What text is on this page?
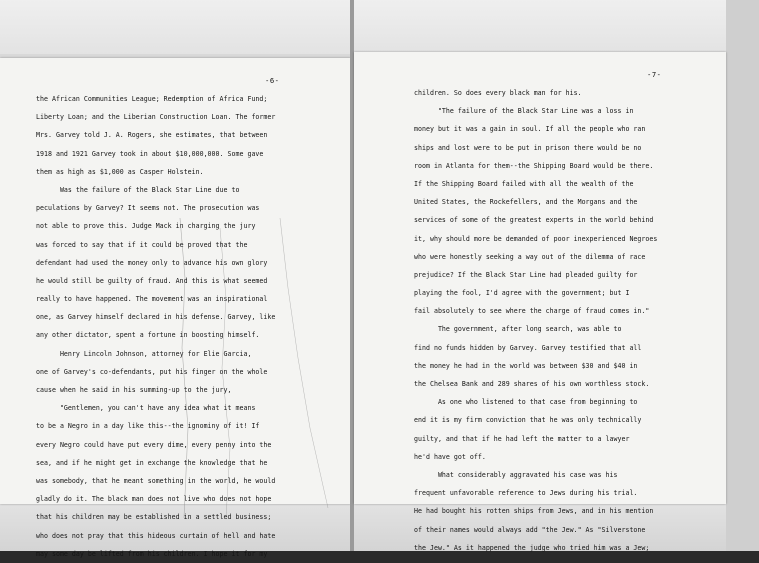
-6-
the African Communities League; Redemption of Africa Fund;
Liberty Loan; and the Liberian Construction Loan. The former
Mrs. Garvey told J. A. Rogers, she estimates, that between
1918 and 1921 Garvey took in about $10,000,000. Some gave
them as high as $1,000 as Casper Holstein.
Was the failure of the Black Star Line due to
peculations by Garvey? It seems not. The prosecution was
not able to prove this. Judge Mack in charging the jury
was forced to say that if it could be proved that the
defendant had used the money only to advance his own glory
he would still be guilty of fraud. And this is what seemed
really to have happened. The movement was an inspirational
one, as Garvey himself declared in his defense. Garvey, like
any other dictator, spent a fortune in boosting himself.
Henry Lincoln Johnson, attorney for Elie Garcia,
one of Garvey's co-defendants, put his finger on the whole
cause when he said in his summing-up to the jury,
"Gentlemen, you can't have any idea what it means
to be a Negro in a day like this--the ignominy of it! If
every Negro could have put every dime, every penny into the
sea, and if he might get in exchange the knowledge that he
was somebody, that he meant something in the world, he would
gladly do it. The black man does not live who does not hope
that his children may be established in a settled business;
who does not pray that this hideous curtain of hell and hate
may some day be lifted from his children. I hope it for my
-7-
children. So does every black man for his.
"The failure of the Black Star Line was a loss in
money but it was a gain in soul. If all the people who ran
ships and lost were to be put in prison there would be no
room in Atlanta for them--the Shipping Board would be there.
If the Shipping Board failed with all the wealth of the
United States, the Rockefellers, and the Morgans and the
services of some of the greatest experts in the world behind
it, why should more be demanded of poor inexperienced Negroes
who were honestly seeking a way out of the dilemma of race
prejudice? If the Black Star Line had pleaded guilty for
playing the fool, I'd agree with the government; but I
fail absolutely to see where the charge of fraud comes in."
The government, after long search, was able to
find no funds hidden by Garvey. Garvey testified that all
the money he had in the world was between $30 and $40 in
the Chelsea Bank and 289 shares of his own worthless stock.
As one who listened to that case from beginning to
end it is my firm conviction that he was only technically
guilty, and that if he had left the matter to a lawyer
he'd have got off.
What considerably aggravated his case was his
frequent unfavorable reference to Jews during his trial.
He had bought his rotten ships from Jews, and in his mention
of their names would always add "the Jew." As "Silverstone
the Jew." As it happened the judge who tried him was a Jew;
